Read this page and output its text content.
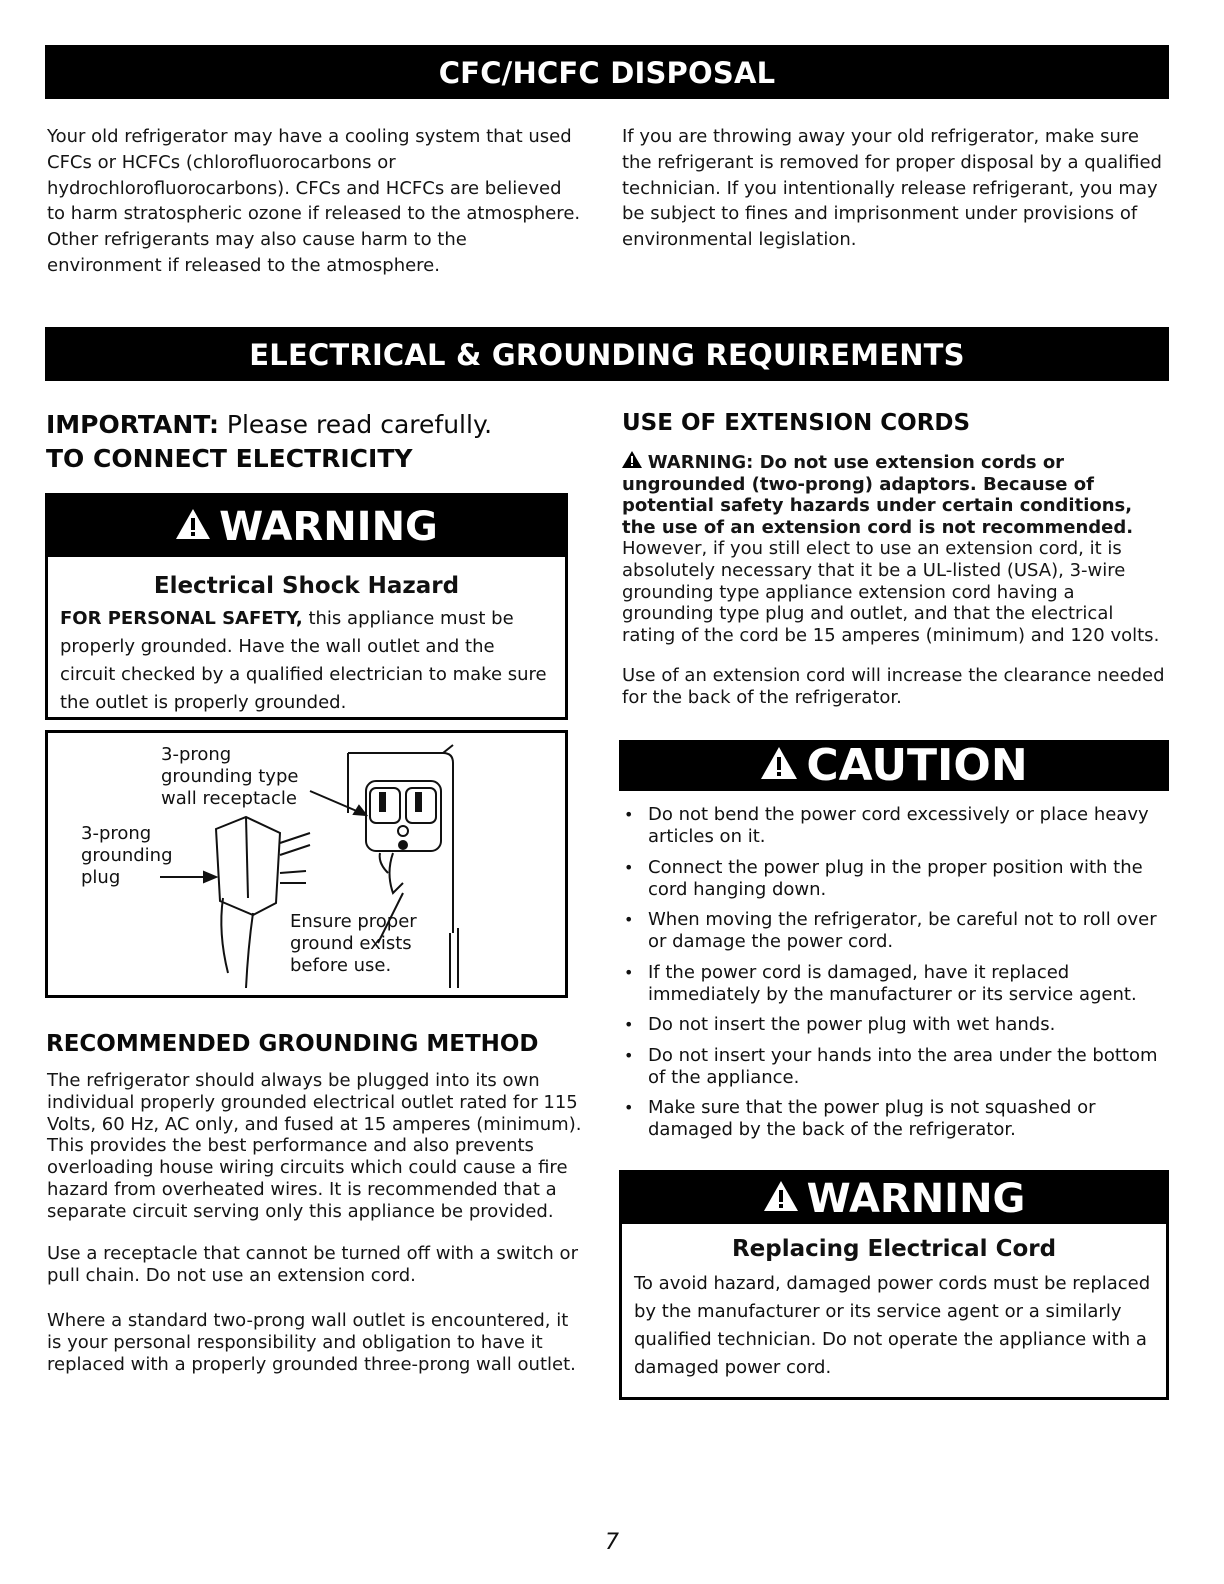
CFC/HCFC DISPOSAL

Your old refrigerator may have a cooling system that used CFCs or HCFCs (chlorofluorocarbons or hydrochlorofluorocarbons). CFCs and HCFCs are believed to harm stratospheric ozone if released to the atmosphere. Other refrigerants may also cause harm to the environment if released to the atmosphere.

If you are throwing away your old refrigerator, make sure the refrigerant is removed for proper disposal by a qualified technician. If you intentionally release refrigerant, you may be subject to fines and imprisonment under provisions of environmental legislation.

ELECTRICAL & GROUNDING REQUIREMENTS
IMPORTANT: Please read carefully.
TO CONNECT ELECTRICITY
WARNING
Electrical Shock Hazard

FOR PERSONAL SAFETY, this appliance must be properly grounded. Have the wall outlet and the circuit checked by a qualified electrician to make sure the outlet is properly grounded.

3-prong
grounding type
wall receptacle
3-prong
grounding
plug
Ensure proper
ground exists
before use.
RECOMMENDED GROUNDING METHOD

The refrigerator should always be plugged into its own individual properly grounded electrical outlet rated for 115 Volts, 60 Hz, AC only, and fused at 15 amperes (minimum). This provides the best performance and also prevents overloading house wiring circuits which could cause a fire hazard from overheated wires. It is recommended that a separate circuit serving only this appliance be provided.

Use a receptacle that cannot be turned off with a switch or pull chain. Do not use an extension cord.

Where a standard two-prong wall outlet is encountered, it is your personal responsibility and obligation to have it replaced with a properly grounded three-prong wall outlet.

USE OF EXTENSION CORDS

WARNING: Do not use extension cords or ungrounded (two-prong) adaptors. Because of potential safety hazards under certain conditions, the use of an extension cord is not recommended. However, if you still elect to use an extension cord, it is absolutely necessary that it be a UL-listed (USA), 3-wire grounding type appliance extension cord having a grounding type plug and outlet, and that the electrical rating of the cord be 15 amperes (minimum) and 120 volts.

Use of an extension cord will increase the clearance needed for the back of the refrigerator.

CAUTION
• Do not bend the power cord excessively or place heavy articles on it.
• Connect the power plug in the proper position with the cord hanging down.
• When moving the refrigerator, be careful not to roll over or damage the power cord.
• If the power cord is damaged, have it replaced immediately by the manufacturer or its service agent.
• Do not insert the power plug with wet hands.
• Do not insert your hands into the area under the bottom of the appliance.
• Make sure that the power plug is not squashed or damaged by the back of the refrigerator.
WARNING
Replacing Electrical Cord

To avoid hazard, damaged power cords must be replaced by the manufacturer or its service agent or a similarly qualified technician. Do not operate the appliance with a damaged power cord.

7
